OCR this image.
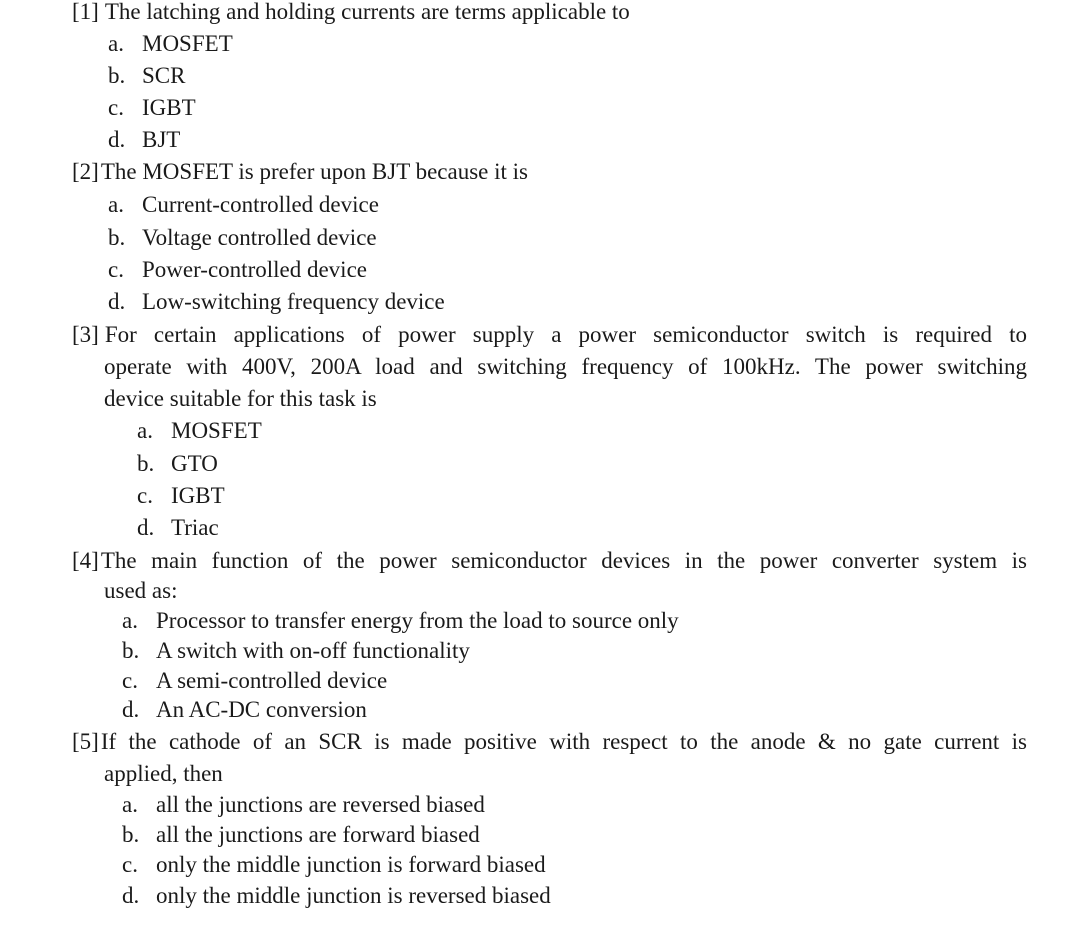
[1] The latching and holding currents are terms applicable to
a. MOSFET
b. SCR
c. IGBT
d. BJT
[2]The MOSFET is prefer upon BJT because it is
a. Current-controlled device
b. Voltage controlled device
c. Power-controlled device
d. Low-switching frequency device
[3] For certain applications of power supply a power semiconductor switch is required to
operate with 400V, 200A load and switching frequency of 100kHz. The power switching
device suitable for this task is
a. MOSFET
b. GTO
c. IGBT
d. Triac
[4]The main function of the power semiconductor devices in the power converter system is
used as:
a. Processor to transfer energy from the load to source only
b. A switch with on-off functionality
c. A semi-controlled device
d. An AC-DC conversion
[5]If the cathode of an SCR is made positive with respect to the anode & no gate current is
applied, then
a. all the junctions are reversed biased
b. all the junctions are forward biased
c. only the middle junction is forward biased
d. only the middle junction is reversed biased
